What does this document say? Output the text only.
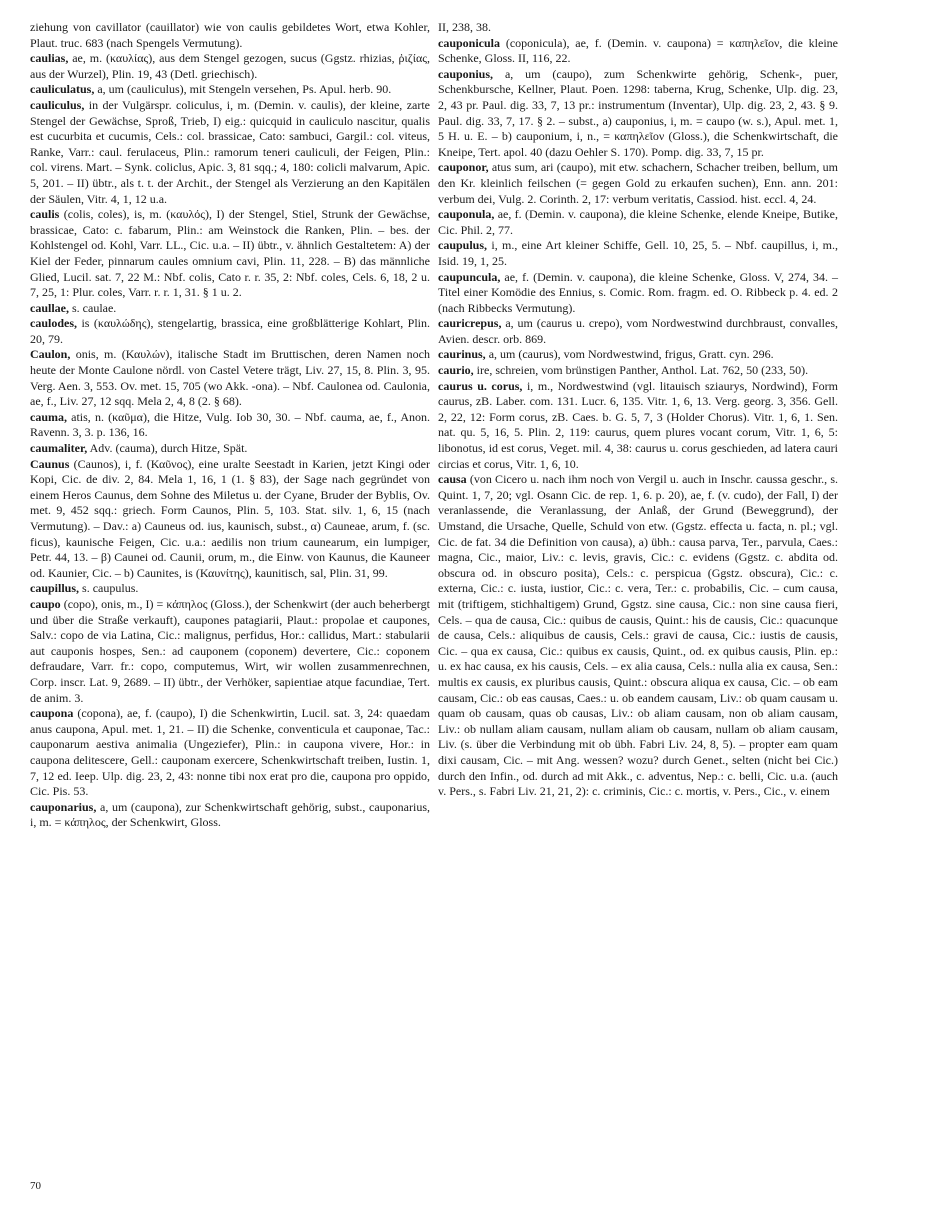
ziehung von cavillator (cauillator) wie von caulis gebildetes Wort, etwa Kohler, Plaut. truc. 683 (nach Spengels Vermutung).

caulias, ae, m. (καυλίας), aus dem Stengel gezogen, sucus (Ggstz. rhizias, ῥιζίας, aus der Wurzel), Plin. 19, 43 (Detl. griechisch).

cauliculatus, a, um (cauliculus), mit Stengeln versehen, Ps. Apul. herb. 90.

cauliculus, in der Vulgärspr. coliculus, i, m. (Demin. v. caulis), der kleine, zarte Stengel der Gewächse, Sproß, Trieb, I) eig.: quicquid in cauliculo nascitur, qualis est cucurbita et cucumis, Cels.: col. brassicae, Cato: sambuci, Gargil.: col. viteus, Ranke, Varr.: caul. ferulaceus, Plin.: ramorum teneri cauliculi, der Feigen, Plin.: col. virens. Mart. – Synk. coliclus, Apic. 3, 81 sqq.; 4, 180: colicli malvarum, Apic. 5, 201. – II) übtr., als t. t. der Archit., der Stengel als Verzierung an den Kapitälen der Säulen, Vitr. 4, 1, 12 u.a.

caulis (colis, coles), is, m. (καυλός), I) der Stengel, Stiel, Strunk der Gewächse, brassicae, Cato: c. fabarum, Plin.: am Weinstock die Ranken, Plin. – bes. der Kohlstengel od. Kohl, Varr. LL., Cic. u.a. – II) übtr., v. ähnlich Gestaltetem: A) der Kiel der Feder, pinnarum caules omnium cavi, Plin. 11, 228. – B) das männliche Glied, Lucil. sat. 7, 22 M.: Nbf. colis, Cato r. r. 35, 2: Nbf. coles, Cels. 6, 18, 2 u. 7, 25, 1: Plur. coles, Varr. r. r. 1, 31. § 1 u. 2.

caullae, s. caulae.

caulodes, is (καυλώδης), stengelartig, brassica, eine großblätterige Kohlart, Plin. 20, 79.

Caulon, onis, m. (Καυλών), italische Stadt im Bruttischen, deren Namen noch heute der Monte Caulone nördl. von Castel Vetere trägt, Liv. 27, 15, 8. Plin. 3, 95. Verg. Aen. 3, 553. Ov. met. 15, 705 (wo Akk. -ona). – Nbf. Caulonea od. Caulonia, ae, f., Liv. 27, 12 sqq. Mela 2, 4, 8 (2. § 68).

cauma, atis, n. (καῦμα), die Hitze, Vulg. Iob 30, 30. – Nbf. cauma, ae, f., Anon. Ravenn. 3, 3. p. 136, 16.

caumaliter, Adv. (cauma), durch Hitze, Spät.

Caunus (Caunos), i, f. (Καῦνος), eine uralte Seestadt in Karien, jetzt Kingi oder Kopi, Cic. de div. 2, 84. Mela 1, 16, 1 (1. § 83), der Sage nach gegründet von einem Heros Caunus, dem Sohne des Miletus u. der Cyane, Bruder der Byblis, Ov. met. 9, 452 sqq.: griech. Form Caunos, Plin. 5, 103. Stat. silv. 1, 6, 15 (nach Vermutung). – Dav.: a) Cauneus od. ius, kaunisch, subst., α) Cauneae, arum, f. (sc. ficus), kaunische Feigen, Cic. u.a.: aedilis non trium caunearum, ein lumpiger, Petr. 44, 13. – β) Caunei od. Caunii, orum, m., die Einw. von Kaunus, die Kauneer od. Kaunier, Cic. – b) Caunites, is (Καυνίτης), kaunitisch, sal, Plin. 31, 99.

caupillus, s. caupulus.

caupo (copo), onis, m., I) = κάπηλος (Gloss.), der Schenkwirt (der auch beherbergt und über die Straße verkauft), caupones patagiarii, Plaut.: propolae et caupones, Salv.: copo de via Latina, Cic.: malignus, perfidus, Hor.: callidus, Mart.: stabularii aut cauponis hospes, Sen.: ad cauponem (coponem) devertere, Cic.: coponem defraudare, Varr. fr.: copo, computemus, Wirt, wir wollen zusammenrechnen, Corp. inscr. Lat. 9, 2689. – II) übtr., der Verhöker, sapientiae atque facundiae, Tert. de anim. 3.

caupona (copona), ae, f. (caupo), I) die Schenkwirtin, Lucil. sat. 3, 24: quaedam anus caupona, Apul. met. 1, 21. – II) die Schenke, conventicula et cauponae, Tac.: cauponarum aestiva animalia (Ungeziefer), Plin.: in caupona vivere, Hor.: in caupona delitescere, Gell.: cauponam exercere, Schenkwirtschaft treiben, Iustin. 1, 7, 12 ed. Ieep. Ulp. dig. 23, 2, 43: nonne tibi nox erat pro die, caupona pro oppido, Cic. Pis. 53.

cauponarius, a, um (caupona), zur Schenkwirtschaft gehörig, subst., cauponarius, i, m. = κάπηλος, der Schenkwirt, Gloss.

II, 238, 38.

cauponicula (coponicula), ae, f. (Demin. v. caupona) = καπηλεῖον, die kleine Schenke, Gloss. II, 116, 22.

cauponius, a, um (caupo), zum Schenkwirte gehörig, Schenk-, puer, Schenkbursche, Kellner, Plaut. Poen. 1298: taberna, Krug, Schenke, Ulp. dig. 23, 2, 43 pr. Paul. dig. 33, 7, 13 pr.: instrumentum (Inventar), Ulp. dig. 23, 2, 43. § 9. Paul. dig. 33, 7, 17. § 2. – subst., a) cauponius, i, m. = caupo (w. s.), Apul. met. 1, 5 H. u. E. – b) cauponium, i, n., = καπηλεῖον (Gloss.), die Schenkwirtschaft, die Kneipe, Tert. apol. 40 (dazu Oehler S. 170). Pomp. dig. 33, 7, 15 pr.

cauponor, atus sum, ari (caupo), mit etw. schachern, Schacher treiben, bellum, um den Kr. kleinlich feilschen (= gegen Gold zu erkaufen suchen), Enn. ann. 201: verbum dei, Vulg. 2. Corinth. 2, 17: verbum veritatis, Cassiod. hist. eccl. 4, 24.

cauponula, ae, f. (Demin. v. caupona), die kleine Schenke, elende Kneipe, Butike, Cic. Phil. 2, 77.

caupulus, i, m., eine Art kleiner Schiffe, Gell. 10, 25, 5. – Nbf. caupillus, i, m., Isid. 19, 1, 25.

caupuncula, ae, f. (Demin. v. caupona), die kleine Schenke, Gloss. V, 274, 34. – Titel einer Komödie des Ennius, s. Comic. Rom. fragm. ed. O. Ribbeck p. 4. ed. 2 (nach Ribbecks Vermutung).

cauricrepus, a, um (caurus u. crepo), vom Nordwestwind durchbraust, convalles, Avien. descr. orb. 869.

caurinus, a, um (caurus), vom Nordwestwind, frigus, Gratt. cyn. 296.

caurio, ire, schreien, vom brünstigen Panther, Anthol. Lat. 762, 50 (233, 50).

caurus u. corus, i, m., Nordwestwind (vgl. litauisch sziaurys, Nordwind), Form caurus, zB. Laber. com. 131. Lucr. 6, 135. Vitr. 1, 6, 13. Verg. georg. 3, 356. Gell. 2, 22, 12: Form corus, zB. Caes. b. G. 5, 7, 3 (Holder Chorus). Vitr. 1, 6, 1. Sen. nat. qu. 5, 16, 5. Plin. 2, 119: caurus, quem plures vocant corum, Vitr. 1, 6, 5: libonotus, id est corus, Veget. mil. 4, 38: caurus u. corus geschieden, ad latera cauri circias et corus, Vitr. 1, 6, 10.

causa (von Cicero u. nach ihm noch von Vergil u. auch in Inschr. caussa geschr., s. Quint. 1, 7, 20; vgl. Osann Cic. de rep. 1, 6. p. 20), ae, f. (v. cudo), der Fall, I) der veranlassende, die Veranlassung, der Anlaß, der Grund (Beweggrund), der Umstand, die Ursache, Quelle, Schuld von etw. (Ggstz. effecta u. facta, n. pl.; vgl. Cic. de fat. 34 die Definition von causa), a) übh.: causa parva, Ter., parvula, Caes.: magna, Cic., maior, Liv.: c. levis, gravis, Cic.: c. evidens (Ggstz. c. abdita od. obscura od. in obscuro posita), Cels.: c. perspicua (Ggstz. obscura), Cic.: c. externa, Cic.: c. iusta, iustior, Cic.: c. vera, Ter.: c. probabilis, Cic. – cum causa, mit (triftigem, stichhaltigem) Grund, Ggstz. sine causa, Cic.: non sine causa fieri, Cels. – qua de causa, Cic.: quibus de causis, Quint.: his de causis, Cic.: quacunque de causa, Cels.: aliquibus de causis, Cels.: gravi de causa, Cic.: iustis de causis, Cic. – qua ex causa, Cic.: quibus ex causis, Quint., od. ex quibus causis, Plin. ep.: u. ex hac causa, ex his causis, Cels. – ex alia causa, Cels.: nulla alia ex causa, Sen.: multis ex causis, ex pluribus causis, Quint.: obscura aliqua ex causa, Cic. – ob eam causam, Cic.: ob eas causas, Caes.: u. ob eandem causam, Liv.: ob quam causam u. quam ob causam, quas ob causas, Liv.: ob aliam causam, non ob aliam causam, Liv.: ob nullam aliam causam, nullam aliam ob causam, nullam ob aliam causam, Liv. (s. über die Verbindung mit ob übh. Fabri Liv. 24, 8, 5). – propter eam quam dixi causam, Cic. – mit Ang. wessen? wozu? durch Genet., selten (nicht bei Cic.) durch den Infin., od. durch ad mit Akk., c. adventus, Nep.: c. belli, Cic. u.a. (auch v. Pers., s. Fabri Liv. 21, 21, 2): c. criminis, Cic.: c. mortis, v. Pers., Cic., v. einem

70
